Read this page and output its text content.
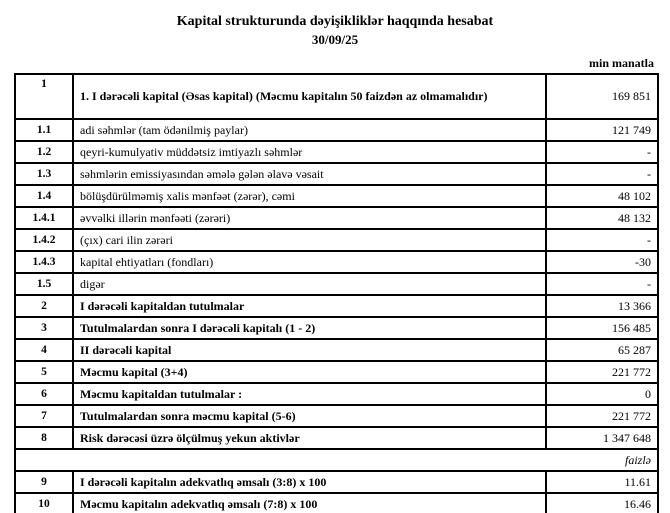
Kapital strukturunda dəyişikliklər haqqında hesabat
30/09/25
min manatla
1	1. I dərəcəli kapital (Əsas kapital) (Məcmu kapitalın 50 faizdən az olmamalıdır)	169 851
1.1	adi səhmlər (tam ödənilmiş paylar)	121 749
1.2	qeyri-kumulyativ müddətsiz imtiyazlı səhmlər	-
1.3	səhmlərin emissiyasından əmələ gələn əlavə vəsait	-
1.4	bölüşdürülməmiş xalis mənfəət (zərər), cəmi	48 102
1.4.1	əvvəlki illərin mənfəəti (zərəri)	48 132
1.4.2	(çıx) cari ilin zərəri	-
1.4.3	kapital ehtiyatları (fondları)	-30
1.5	digər	-
2	I dərəcəli kapitaldan tutulmalar	13 366
3	Tutulmalardan sonra I dərəcəli kapitalı (1 - 2)	156 485
4	II dərəcəli kapital	65 287
5	Məcmu kapital (3+4)	221 772
6	Məcmu kapitaldan tutulmalar :	0
7	Tutulmalardan sonra məcmu kapital (5-6)	221 772
8	Risk dərəcəsi üzrə ölçülmuş yekun aktivlər	1 347 648
faizlə		
9	I dərəcəli kapitalın adekvatlıq əmsalı (3:8) x 100	11.61
10	Məcmu kapitalın adekvatlıq əmsalı (7:8) x 100	16.46
